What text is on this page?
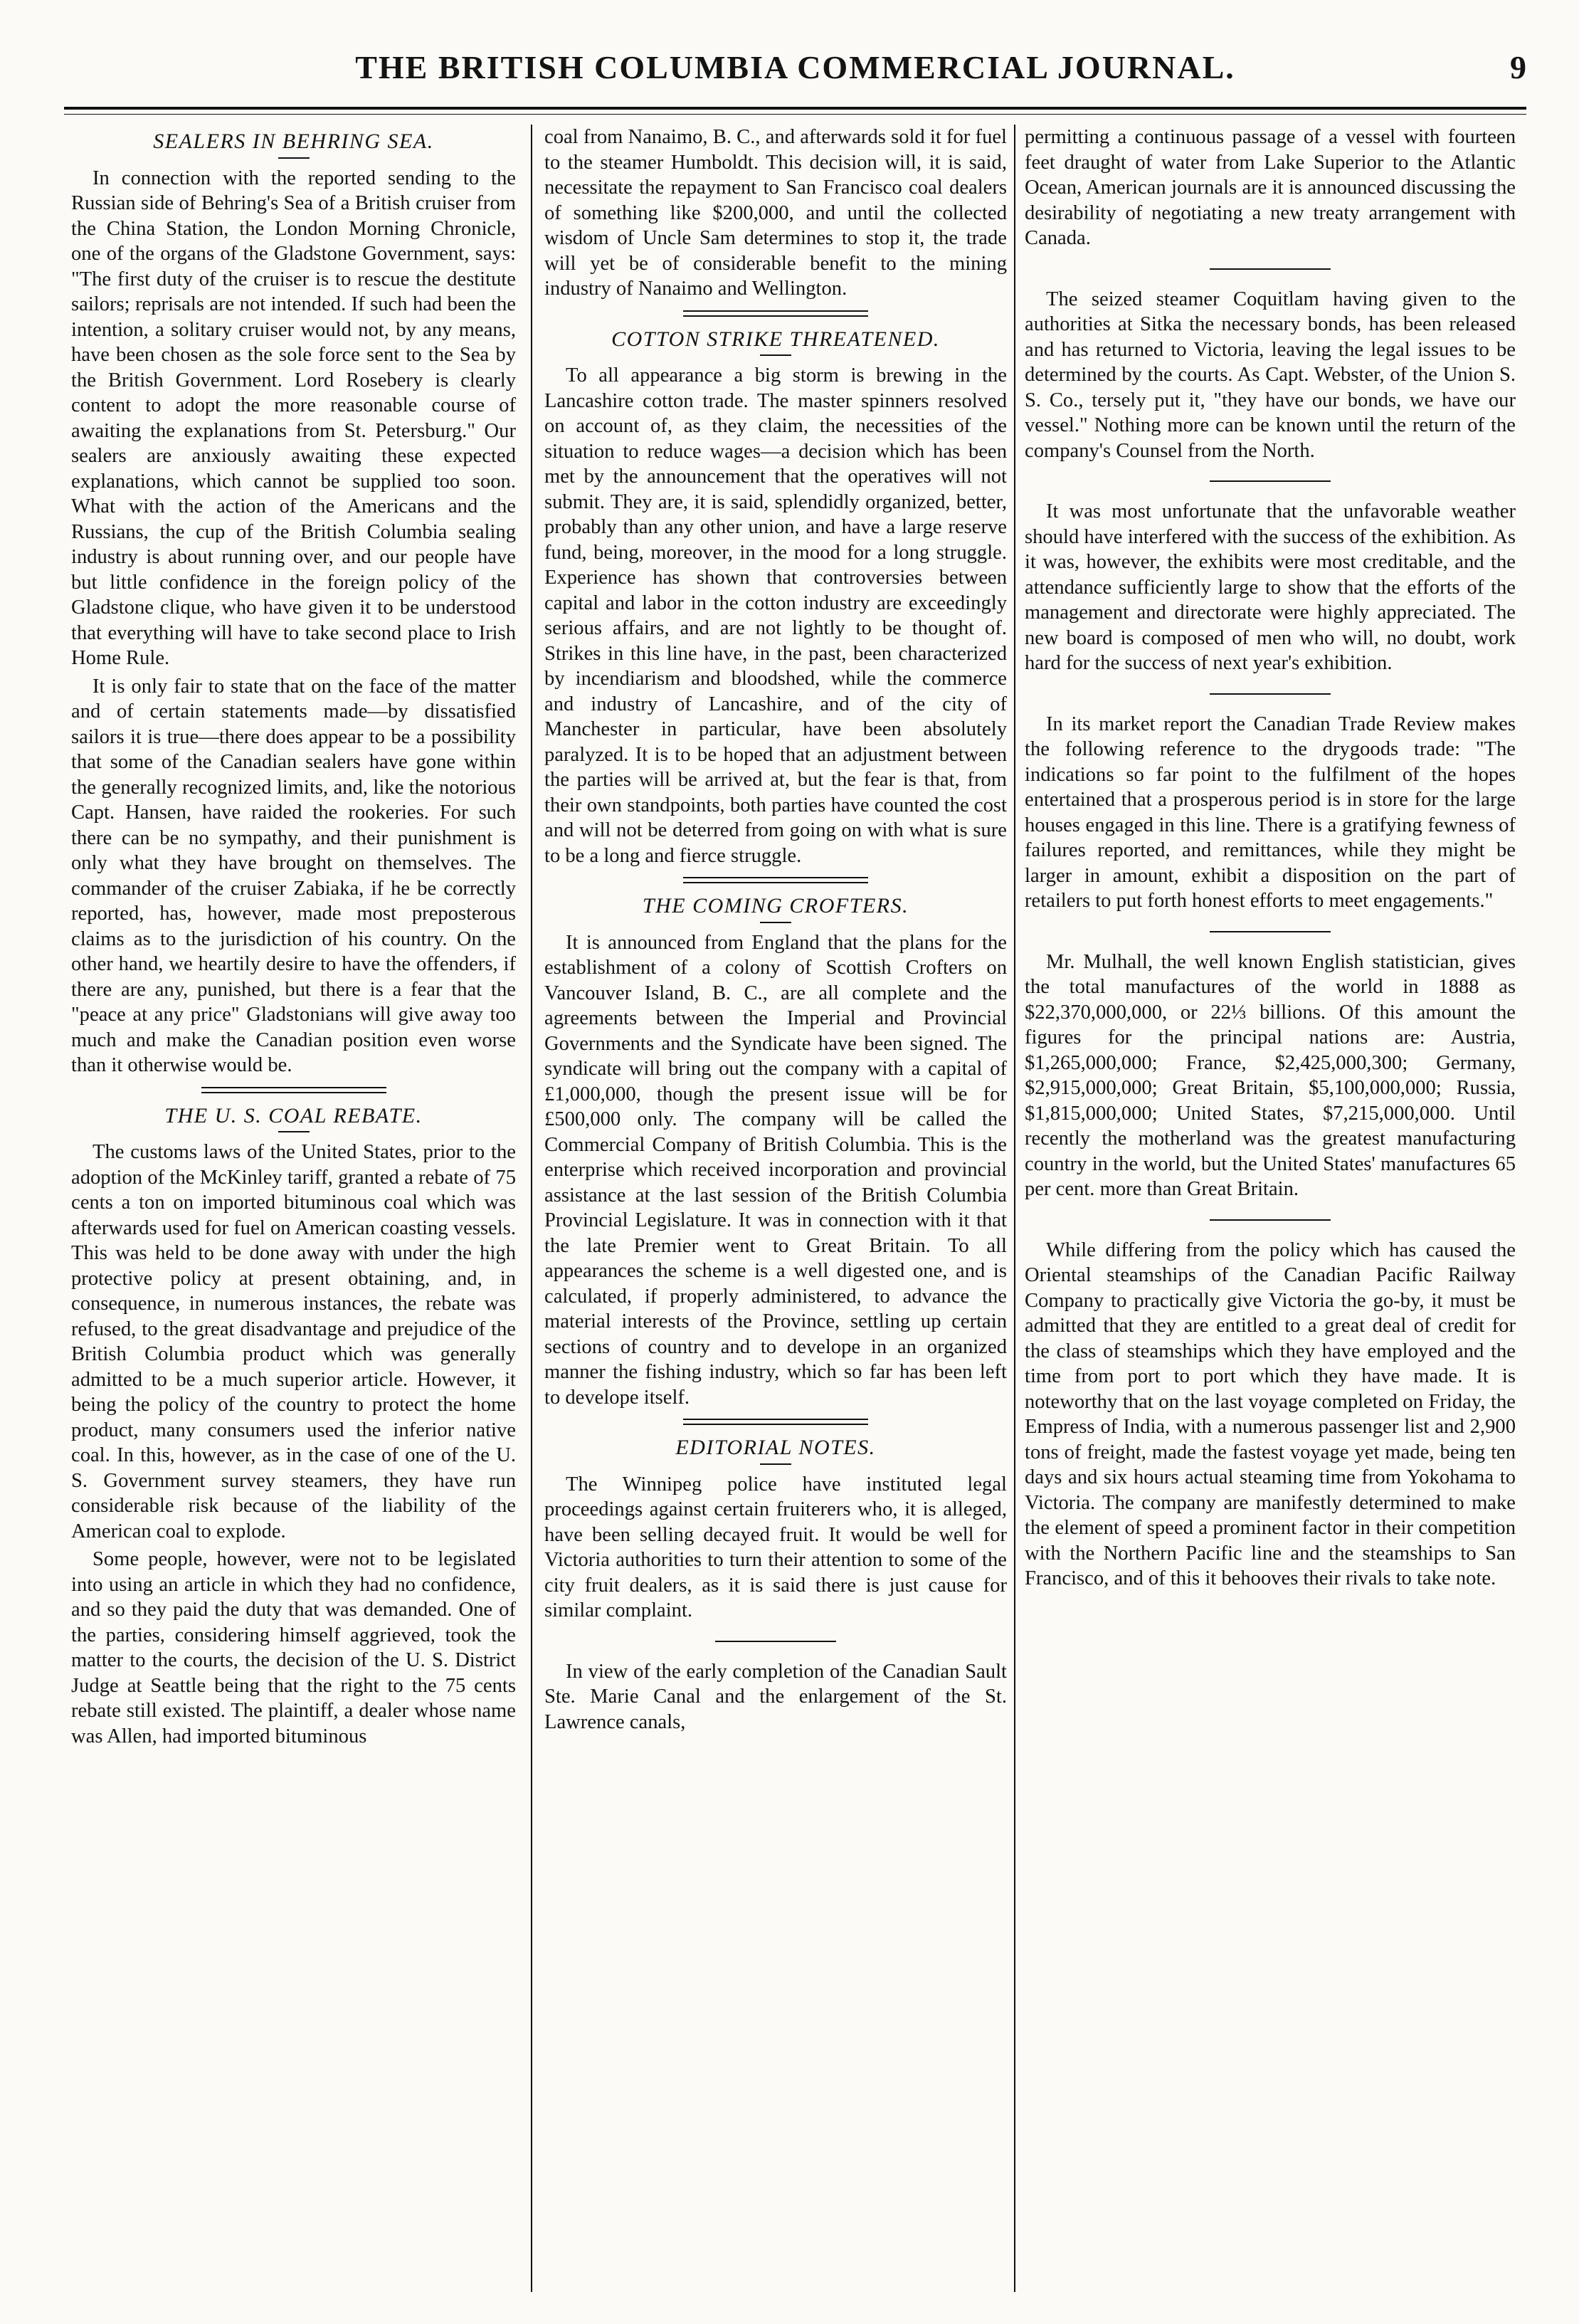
THE BRITISH COLUMBIA COMMERCIAL JOURNAL.	9
SEALERS IN BEHRING SEA.

In connection with the reported sending to the Russian side of Behring's Sea of a British cruiser from the China Station, the London Morning Chronicle, one of the organs of the Gladstone Government, says: "The first duty of the cruiser is to rescue the destitute sailors; reprisals are not intended. If such had been the intention, a solitary cruiser would not, by any means, have been chosen as the sole force sent to the Sea by the British Government. Lord Rosebery is clearly content to adopt the more reasonable course of awaiting the explanations from St. Petersburg." Our sealers are anxiously awaiting these expected explanations, which cannot be supplied too soon. What with the action of the Americans and the Russians, the cup of the British Columbia sealing industry is about running over, and our people have but little confidence in the foreign policy of the Gladstone clique, who have given it to be understood that everything will have to take second place to Irish Home Rule.

It is only fair to state that on the face of the matter and of certain statements made—by dissatisfied sailors it is true—there does appear to be a possibility that some of the Canadian sealers have gone within the generally recognized limits, and, like the notorious Capt. Hansen, have raided the rookeries. For such there can be no sympathy, and their punishment is only what they have brought on themselves. The commander of the cruiser Zabiaka, if he be correctly reported, has, however, made most preposterous claims as to the jurisdiction of his country. On the other hand, we heartily desire to have the offenders, if there are any, punished, but there is a fear that the "peace at any price" Gladstonians will give away too much and make the Canadian position even worse than it otherwise would be.

THE U. S. COAL REBATE.

The customs laws of the United States, prior to the adoption of the McKinley tariff, granted a rebate of 75 cents a ton on imported bituminous coal which was afterwards used for fuel on American coasting vessels. This was held to be done away with under the high protective policy at present obtaining, and, in consequence, in numerous instances, the rebate was refused, to the great disadvantage and prejudice of the British Columbia product which was generally admitted to be a much superior article. However, it being the policy of the country to protect the home product, many consumers used the inferior native coal. In this, however, as in the case of one of the U. S. Government survey steamers, they have run considerable risk because of the liability of the American coal to explode.

Some people, however, were not to be legislated into using an article in which they had no confidence, and so they paid the duty that was demanded. One of the parties, considering himself aggrieved, took the matter to the courts, the decision of the U. S. District Judge at Seattle being that the right to the 75 cents rebate still existed. The plaintiff, a dealer whose name was Allen, had imported bituminous

coal from Nanaimo, B. C., and afterwards sold it for fuel to the steamer Humboldt. This decision will, it is said, necessitate the repayment to San Francisco coal dealers of something like $200,000, and until the collected wisdom of Uncle Sam determines to stop it, the trade will yet be of considerable benefit to the mining industry of Nanaimo and Wellington.

COTTON STRIKE THREATENED.

To all appearance a big storm is brewing in the Lancashire cotton trade. The master spinners resolved on account of, as they claim, the necessities of the situation to reduce wages—a decision which has been met by the announcement that the operatives will not submit. They are, it is said, splendidly organized, better, probably than any other union, and have a large reserve fund, being, moreover, in the mood for a long struggle. Experience has shown that controversies between capital and labor in the cotton industry are exceedingly serious affairs, and are not lightly to be thought of. Strikes in this line have, in the past, been characterized by incendiarism and bloodshed, while the commerce and industry of Lancashire, and of the city of Manchester in particular, have been absolutely paralyzed. It is to be hoped that an adjustment between the parties will be arrived at, but the fear is that, from their own standpoints, both parties have counted the cost and will not be deterred from going on with what is sure to be a long and fierce struggle.

THE COMING CROFTERS.

It is announced from England that the plans for the establishment of a colony of Scottish Crofters on Vancouver Island, B. C., are all complete and the agreements between the Imperial and Provincial Governments and the Syndicate have been signed. The syndicate will bring out the company with a capital of £1,000,000, though the present issue will be for £500,000 only. The company will be called the Commercial Company of British Columbia. This is the enterprise which received incorporation and provincial assistance at the last session of the British Columbia Provincial Legislature. It was in connection with it that the late Premier went to Great Britain. To all appearances the scheme is a well digested one, and is calculated, if properly administered, to advance the material interests of the Province, settling up certain sections of country and to develope in an organized manner the fishing industry, which so far has been left to develope itself.

EDITORIAL NOTES.

The Winnipeg police have instituted legal proceedings against certain fruiterers who, it is alleged, have been selling decayed fruit. It would be well for Victoria authorities to turn their attention to some of the city fruit dealers, as it is said there is just cause for similar complaint.

In view of the early completion of the Canadian Sault Ste. Marie Canal and the enlargement of the St. Lawrence canals,

permitting a continuous passage of a vessel with fourteen feet draught of water from Lake Superior to the Atlantic Ocean, American journals are it is announced discussing the desirability of negotiating a new treaty arrangement with Canada.

The seized steamer Coquitlam having given to the authorities at Sitka the necessary bonds, has been released and has returned to Victoria, leaving the legal issues to be determined by the courts. As Capt. Webster, of the Union S. S. Co., tersely put it, "they have our bonds, we have our vessel." Nothing more can be known until the return of the company's Counsel from the North.

It was most unfortunate that the unfavorable weather should have interfered with the success of the exhibition. As it was, however, the exhibits were most creditable, and the attendance sufficiently large to show that the efforts of the management and directorate were highly appreciated. The new board is composed of men who will, no doubt, work hard for the success of next year's exhibition.

In its market report the Canadian Trade Review makes the following reference to the drygoods trade: "The indications so far point to the fulfilment of the hopes entertained that a prosperous period is in store for the large houses engaged in this line. There is a gratifying fewness of failures reported, and remittances, while they might be larger in amount, exhibit a disposition on the part of retailers to put forth honest efforts to meet engagements."

Mr. Mulhall, the well known English statistician, gives the total manufactures of the world in 1888 as $22,370,000,000, or 22⅓ billions. Of this amount the figures for the principal nations are: Austria, $1,265,000,000; France, $2,425,000,300; Germany, $2,915,000,000; Great Britain, $5,100,000,000; Russia, $1,815,000,000; United States, $7,215,000,000. Until recently the motherland was the greatest manufacturing country in the world, but the United States' manufactures 65 per cent. more than Great Britain.

While differing from the policy which has caused the Oriental steamships of the Canadian Pacific Railway Company to practically give Victoria the go-by, it must be admitted that they are entitled to a great deal of credit for the class of steamships which they have employed and the time from port to port which they have made. It is noteworthy that on the last voyage completed on Friday, the Empress of India, with a numerous passenger list and 2,900 tons of freight, made the fastest voyage yet made, being ten days and six hours actual steaming time from Yokohama to Victoria. The company are manifestly determined to make the element of speed a prominent factor in their competition with the Northern Pacific line and the steamships to San Francisco, and of this it behooves their rivals to take note.
